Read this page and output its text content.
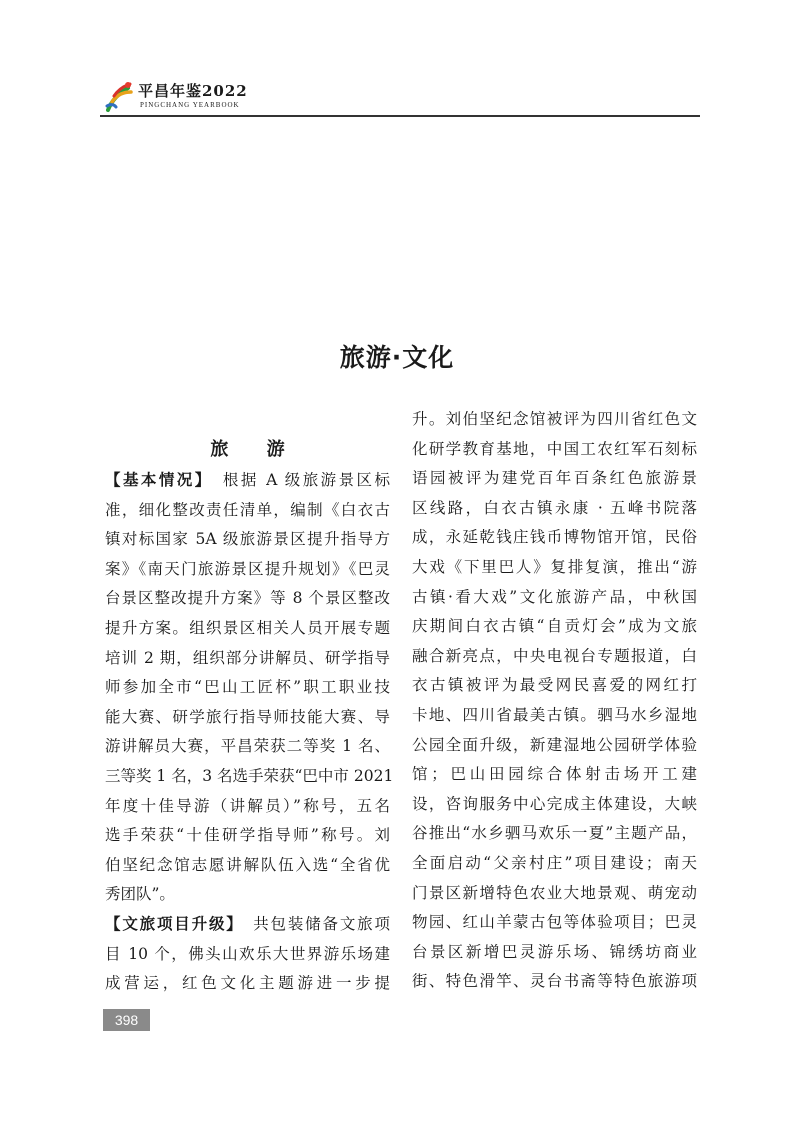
平昌年鉴2022
PINGCHANG YEARBOOK
旅游·文化
旅 游
【基本情况】　根据 A 级旅游景区标
准，细化整改责任清单，编制《白衣古
镇对标国家 5A 级旅游景区提升指导方
案》《南天门旅游景区提升规划》《巴灵
台景区整改提升方案》等 8 个景区整改
提升方案。组织景区相关人员开展专题
培训 2 期，组织部分讲解员、研学指导
师参加全市“巴山工匠杯”职工职业技
能大赛、研学旅行指导师技能大赛、导
游讲解员大赛，平昌荣获二等奖 1 名、
三等奖 1 名，3 名选手荣获“巴中市 2021
年度十佳导游（讲解员）”称号，五名
选手荣获“十佳研学指导师”称号。刘
伯坚纪念馆志愿讲解队伍入选“全省优
秀团队”。
【文旅项目升级】　共包装储备文旅项
目 10 个，佛头山欢乐大世界游乐场建
成营运，红色文化主题游进一步提
升。刘伯坚纪念馆被评为四川省红色文
化研学教育基地，中国工农红军石刻标
语园被评为建党百年百条红色旅游景
区线路，白衣古镇永康 · 五峰书院落
成，永延乾钱庄钱币博物馆开馆，民俗
大戏《下里巴人》复排复演，推出“游
古镇·看大戏”文化旅游产品，中秋国
庆期间白衣古镇“自贡灯会”成为文旅
融合新亮点，中央电视台专题报道，白
衣古镇被评为最受网民喜爱的网红打
卡地、四川省最美古镇。驷马水乡湿地
公园全面升级，新建湿地公园研学体验
馆；巴山田园综合体射击场开工建
设，咨询服务中心完成主体建设，大峡
谷推出“水乡驷马欢乐一夏”主题产品，
全面启动“父亲村庄”项目建设；南天
门景区新增特色农业大地景观、萌宠动
物园、红山羊蒙古包等体验项目；巴灵
台景区新增巴灵游乐场、锦绣坊商业
街、特色滑竿、灵台书斋等特色旅游项
398
